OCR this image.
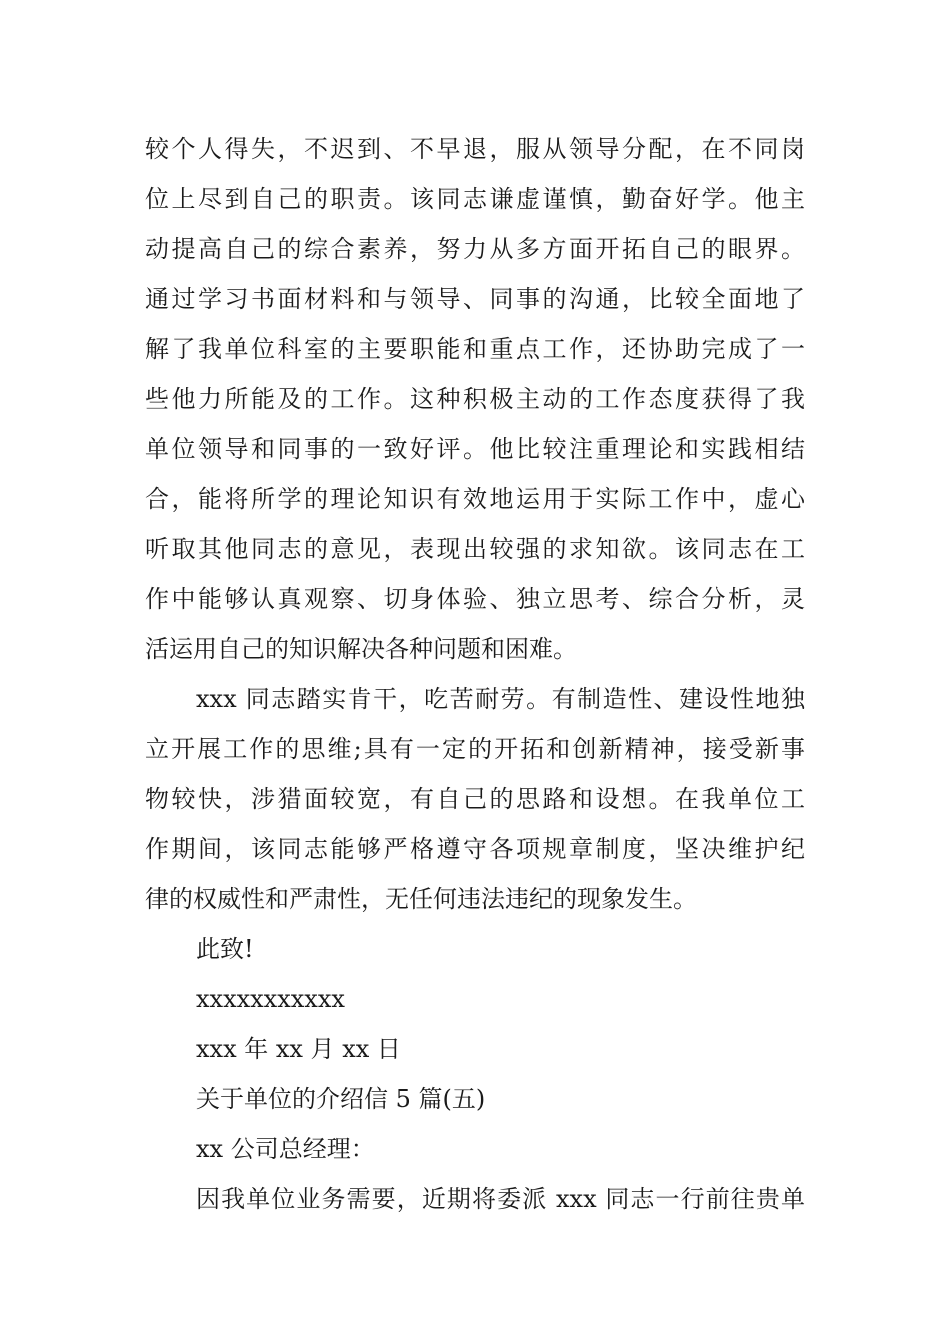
较个人得失，不迟到、不早退，服从领导分配，在不同岗
位上尽到自己的职责。该同志谦虚谨慎，勤奋好学。他主
动提高自己的综合素养，努力从多方面开拓自己的眼界。
通过学习书面材料和与领导、同事的沟通，比较全面地了
解了我单位科室的主要职能和重点工作，还协助完成了一
些他力所能及的工作。这种积极主动的工作态度获得了我
单位领导和同事的一致好评。他比较注重理论和实践相结
合，能将所学的理论知识有效地运用于实际工作中，虚心
听取其他同志的意见，表现出较强的求知欲。该同志在工
作中能够认真观察、切身体验、独立思考、综合分析，灵
活运用自己的知识解决各种问题和困难。
xxx 同志踏实肯干，吃苦耐劳。有制造性、建设性地独
立开展工作的思维;具有一定的开拓和创新精神，接受新事
物较快，涉猎面较宽，有自己的思路和设想。在我单位工
作期间，该同志能够严格遵守各项规章制度，坚决维护纪
律的权威性和严肃性，无任何违法违纪的现象发生。
此致!
xxxxxxxxxxx
xxx 年 xx 月 xx 日
关于单位的介绍信 5 篇(五)
xx 公司总经理：
因我单位业务需要，近期将委派 xxx 同志一行前往贵单
